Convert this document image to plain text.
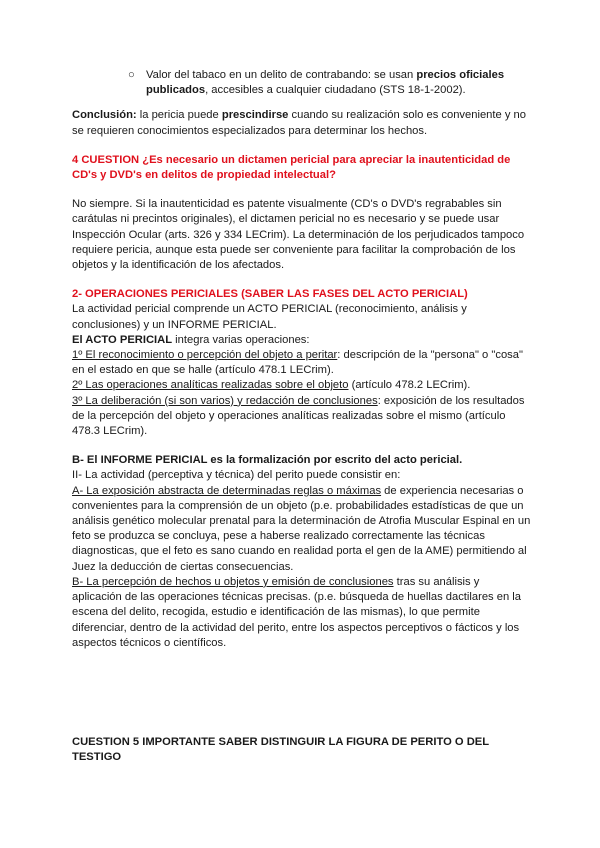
○ Valor del tabaco en un delito de contrabando: se usan precios oficiales publicados, accesibles a cualquier ciudadano (STS 18-1-2002).

Conclusión: la pericia puede prescindirse cuando su realización solo es conveniente y no se requieren conocimientos especializados para determinar los hechos.

4 CUESTION ¿Es necesario un dictamen pericial para apreciar la inautenticidad de CD's y DVD's en delitos de propiedad intelectual?

No siempre. Si la inautenticidad es patente visualmente (CD's o DVD's regrabables sin carátulas ni precintos originales), el dictamen pericial no es necesario y se puede usar Inspección Ocular (arts. 326 y 334 LECrim). La determinación de los perjudicados tampoco requiere pericia, aunque esta puede ser conveniente para facilitar la comprobación de los objetos y la identificación de los afectados.

2- OPERACIONES PERICIALES (SABER LAS FASES DEL ACTO PERICIAL)

La actividad pericial comprende un ACTO PERICIAL (reconocimiento, análisis y conclusiones) y un INFORME PERICIAL.

El ACTO PERICIAL integra varias operaciones:

1º El reconocimiento o percepción del objeto a peritar: descripción de la "persona" o "cosa" en el estado en que se halle (artículo 478.1 LECrim).

2º Las operaciones analíticas realizadas sobre el objeto (artículo 478.2 LECrim).

3º La deliberación (si son varios) y redacción de conclusiones: exposición de los resultados de la percepción del objeto y operaciones analíticas realizadas sobre el mismo (artículo 478.3 LECrim).

B- El INFORME PERICIAL es la formalización por escrito del acto pericial.

II- La actividad (perceptiva y técnica) del perito puede consistir en:

A- La exposición abstracta de determinadas reglas o máximas de experiencia necesarias o convenientes para la comprensión de un objeto (p.e. probabilidades estadísticas de que un análisis genético molecular prenatal para la determinación de Atrofia Muscular Espinal en un feto se produzca se concluya, pese a haberse realizado correctamente las técnicas diagnosticas, que el feto es sano cuando en realidad porta el gen de la AME) permitiendo al Juez la deducción de ciertas consecuencias.

B- La percepción de hechos u objetos y emisión de conclusiones tras su análisis y aplicación de las operaciones técnicas precisas. (p.e. búsqueda de huellas dactilares en la escena del delito, recogida, estudio e identificación de las mismas), lo que permite diferenciar, dentro de la actividad del perito, entre los aspectos perceptivos o fácticos y los aspectos técnicos o científicos.

CUESTION 5 IMPORTANTE SABER DISTINGUIR LA FIGURA DE PERITO O DEL TESTIGO
